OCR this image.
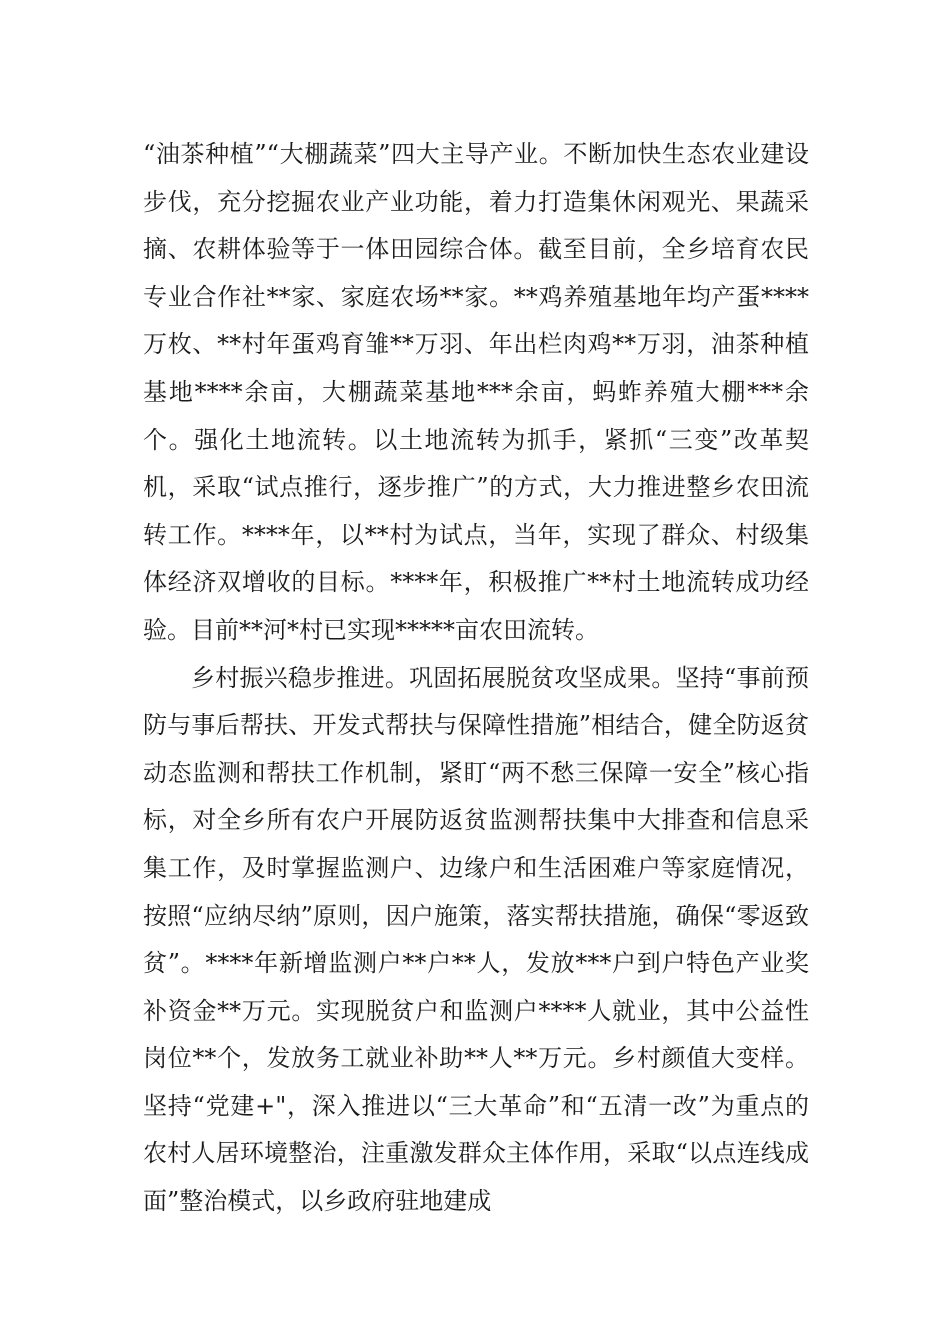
“油茶种植”“大棚蔬菜”四大主导产业。不断加快生态农业建设步伐，充分挖掘农业产业功能，着力打造集休闲观光、果蔬采摘、农耕体验等于一体田园综合体。截至目前，全乡培育农民专业合作社**家、家庭农场**家。**鸡养殖基地年均产蛋****万枚、**村年蛋鸡育雏**万羽、年出栏肉鸡**万羽，油茶种植基地****余亩，大棚蔬菜基地***余亩，蚂蚱养殖大棚***余个。强化土地流转。以土地流转为抓手，紧抓“三变”改革契机，采取“试点推行，逐步推广”的方式，大力推进整乡农田流转工作。****年，以**村为试点，当年，实现了群众、村级集体经济双增收的目标。****年，积极推广**村土地流转成功经验。目前**河*村已实现*****亩农田流转。

乡村振兴稳步推进。巩固拓展脱贫攻坚成果。坚持“事前预防与事后帮扶、开发式帮扶与保障性措施”相结合，健全防返贫动态监测和帮扶工作机制，紧盯“两不愁三保障一安全”核心指标，对全乡所有农户开展防返贫监测帮扶集中大排查和信息采集工作，及时掌握监测户、边缘户和生活困难户等家庭情况，按照“应纳尽纳”原则，因户施策，落实帮扶措施，确保“零返致贫”。****年新增监测户**户**人，发放***户到户特色产业奖补资金**万元。实现脱贫户和监测户****人就业，其中公益性岗位**个，发放务工就业补助**人**万元。乡村颜值大变样。坚持“党建+"，深入推进以“三大革命”和“五清一改”为重点的农村人居环境整治，注重激发群众主体作用，采取“以点连线成面”整治模式，以乡政府驻地建成
